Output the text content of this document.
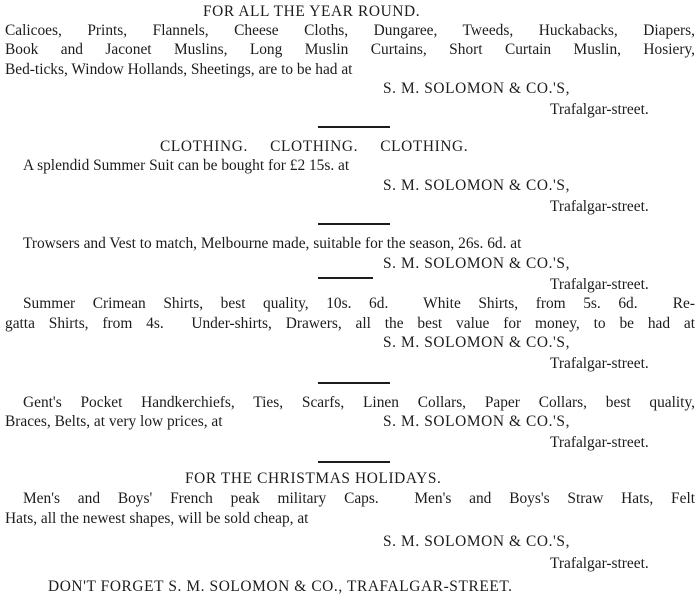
FOR ALL THE YEAR ROUND.
Calicoes, Prints, Flannels, Cheese Cloths, Dungaree, Tweeds, Huckabacks, Diapers,
Book and Jaconet Muslins, Long Muslin Curtains, Short Curtain Muslin, Hosiery,
Bed-ticks, Window Hollands, Sheetings, are to be had at
S. M. SOLOMON & CO.'S,
Trafalgar-street.
CLOTHING.     CLOTHING.     CLOTHING.
A splendid Summer Suit can be bought for £2 15s. at
S. M. SOLOMON & CO.'S,
Trafalgar-street.
Trowsers and Vest to match, Melbourne made, suitable for the season, 26s. 6d. at
S. M. SOLOMON & CO.'S,
Trafalgar-street.
Summer Crimean Shirts, best quality, 10s. 6d.  White Shirts, from 5s. 6d.  Re-
gatta Shirts, from 4s.  Under-shirts, Drawers, all the best value for money, to be had at
S. M. SOLOMON & CO.'S,
Trafalgar-street.
Gent's Pocket Handkerchiefs, Ties, Scarfs, Linen Collars, Paper Collars, best quality,
Braces, Belts, at very low prices, at	S. M. SOLOMON & CO.'S,
Trafalgar-street.
FOR THE CHRISTMAS HOLIDAYS.
Men's and Boys' French peak military Caps.  Men's and Boys's Straw Hats, Felt
Hats, all the newest shapes, will be sold cheap, at
S. M. SOLOMON & CO.'S,
Trafalgar-street.
DON'T FORGET S. M. SOLOMON & CO., TRAFALGAR-STREET.
